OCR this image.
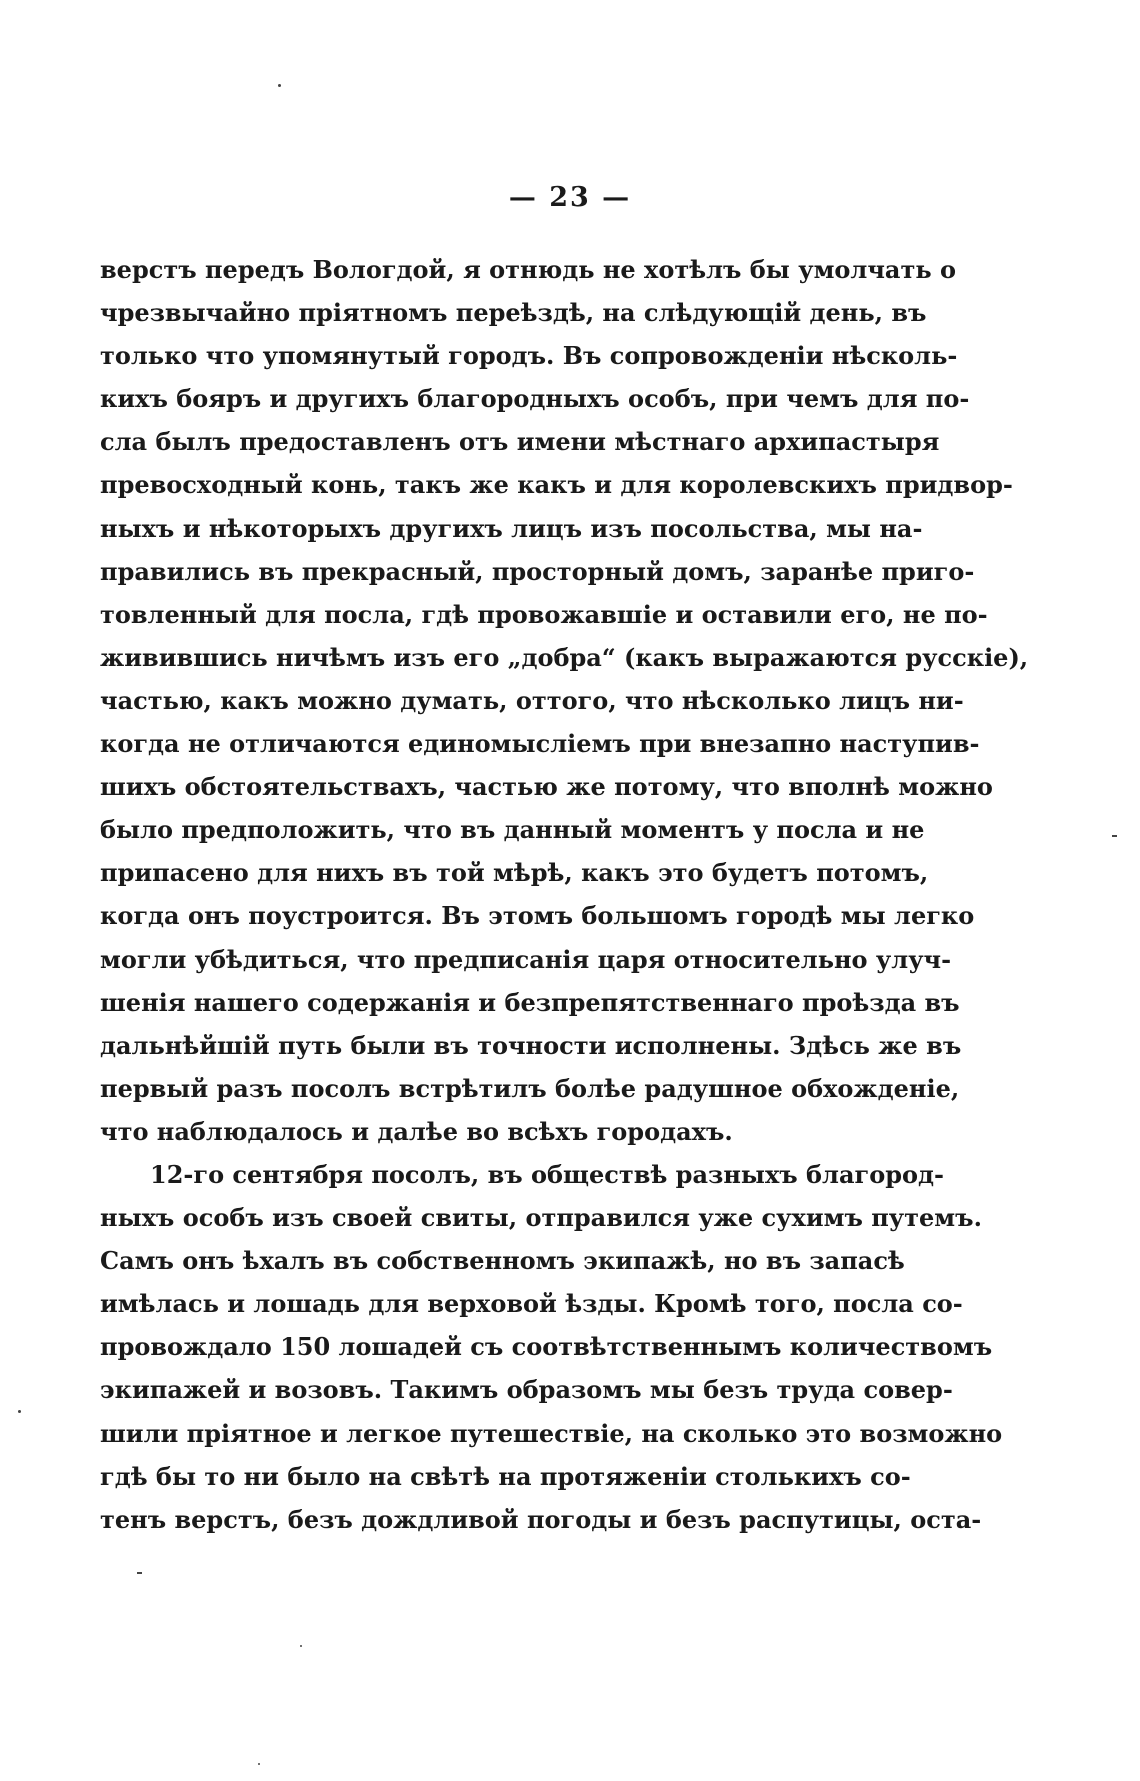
— 23 —
верстъ передъ Вологдой, я отнюдь не хотѣлъ бы умолчать о
чрезвычайно пріятномъ переѣздѣ, на слѣдующій день, въ
только что упомянутый городъ. Въ сопровожденіи нѣсколь-
кихъ бояръ и другихъ благородныхъ особъ, при чемъ для по-
сла былъ предоставленъ отъ имени мѣстнаго архипастыря
превосходный конь, такъ же какъ и для королевскихъ придвор-
ныхъ и нѣкоторыхъ другихъ лицъ изъ посольства, мы на-
правились въ прекрасный, просторный домъ, заранѣе приго-
товленный для посла, гдѣ провожавшіе и оставили его, не по-
живившись ничѣмъ изъ его „добра“ (какъ выражаются русскіе),
частью, какъ можно думать, оттого, что нѣсколько лицъ ни-
когда не отличаются единомысліемъ при внезапно наступив-
шихъ обстоятельствахъ, частью же потому, что вполнѣ можно
было предположить, что въ данный моментъ у посла и не
припасено для нихъ въ той мѣрѣ, какъ это будетъ потомъ,
когда онъ поустроится. Въ этомъ большомъ городѣ мы легко
могли убѣдиться, что предписанія царя относительно улуч-
шенія нашего содержанія и безпрепятственнаго проѣзда въ
дальнѣйшій путь были въ точности исполнены. Здѣсь же въ
первый разъ посолъ встрѣтилъ болѣе радушное обхожденіе,
что наблюдалось и далѣе во всѣхъ городахъ.
12-го сентября посолъ, въ обществѣ разныхъ благород-
ныхъ особъ изъ своей свиты, отправился уже сухимъ путемъ.
Самъ онъ ѣхалъ въ собственномъ экипажѣ, но въ запасѣ
имѣлась и лошадь для верховой ѣзды. Кромѣ того, посла со-
провождало 150 лошадей съ соотвѣтственнымъ количествомъ
экипажей и возовъ. Такимъ образомъ мы безъ труда совер-
шили пріятное и легкое путешествіе, на сколько это возможно
гдѣ бы то ни было на свѣтѣ на протяженіи столькихъ со-
тенъ верстъ, безъ дождливой погоды и безъ распутицы, оста-
